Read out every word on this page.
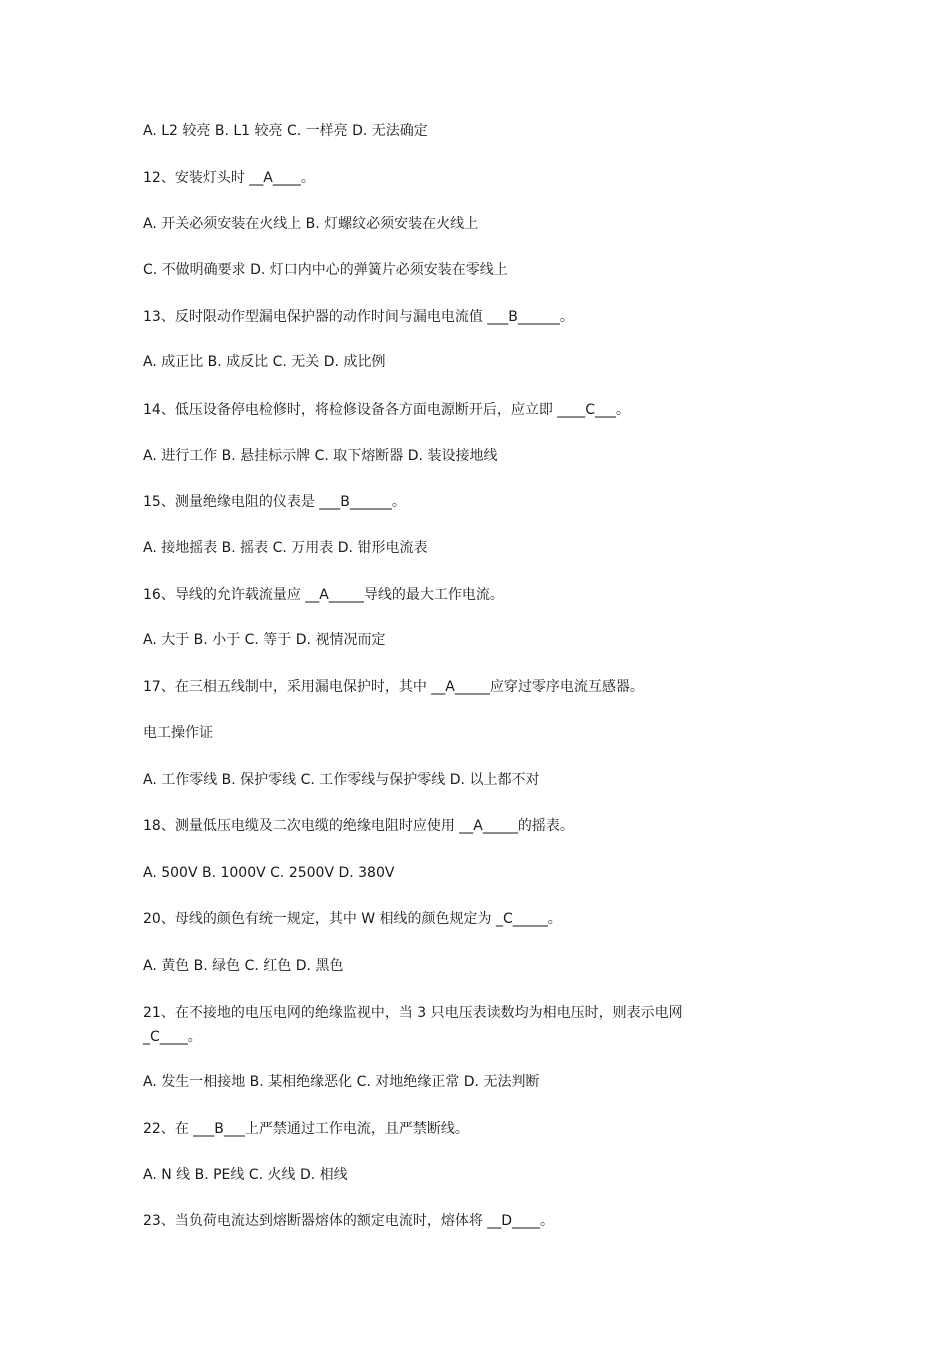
A. L2 较亮 B. L1 较亮 C. 一样亮 D. 无法确定
12、安装灯头时 __A____。
A. 开关必须安装在火线上 B. 灯螺纹必须安装在火线上
C. 不做明确要求 D. 灯口内中心的弹簧片必须安装在零线上
13、反时限动作型漏电保护器的动作时间与漏电电流值 ___B______。
A. 成正比 B. 成反比 C. 无关 D. 成比例
14、低压设备停电检修时，将检修设备各方面电源断开后，应立即 ____C___。
A. 进行工作 B. 悬挂标示牌 C. 取下熔断器 D. 装设接地线
15、测量绝缘电阻的仪表是 ___B______。
A. 接地摇表 B. 摇表 C. 万用表 D. 钳形电流表
16、导线的允许载流量应 __A_____导线的最大工作电流。
A. 大于 B. 小于 C. 等于 D. 视情况而定
17、在三相五线制中，采用漏电保护时，其中 __A_____应穿过零序电流互感器。
电工操作证
A. 工作零线 B. 保护零线 C. 工作零线与保护零线 D. 以上都不对
18、测量低压电缆及二次电缆的绝缘电阻时应使用 __A_____的摇表。
A. 500V B. 1000V C. 2500V D. 380V
20、母线的颜色有统一规定，其中 W 相线的颜色规定为 _C_____。
A. 黄色 B. 绿色 C. 红色 D. 黑色
21、在不接地的电压电网的绝缘监视中，当 3 只电压表读数均为相电压时，则表示电网
_C____。
A. 发生一相接地 B. 某相绝缘恶化 C. 对地绝缘正常 D. 无法判断
22、在 ___B___上严禁通过工作电流，且严禁断线。
A. N 线 B. PE线 C. 火线 D. 相线
23、当负荷电流达到熔断器熔体的额定电流时，熔体将 __D____。
